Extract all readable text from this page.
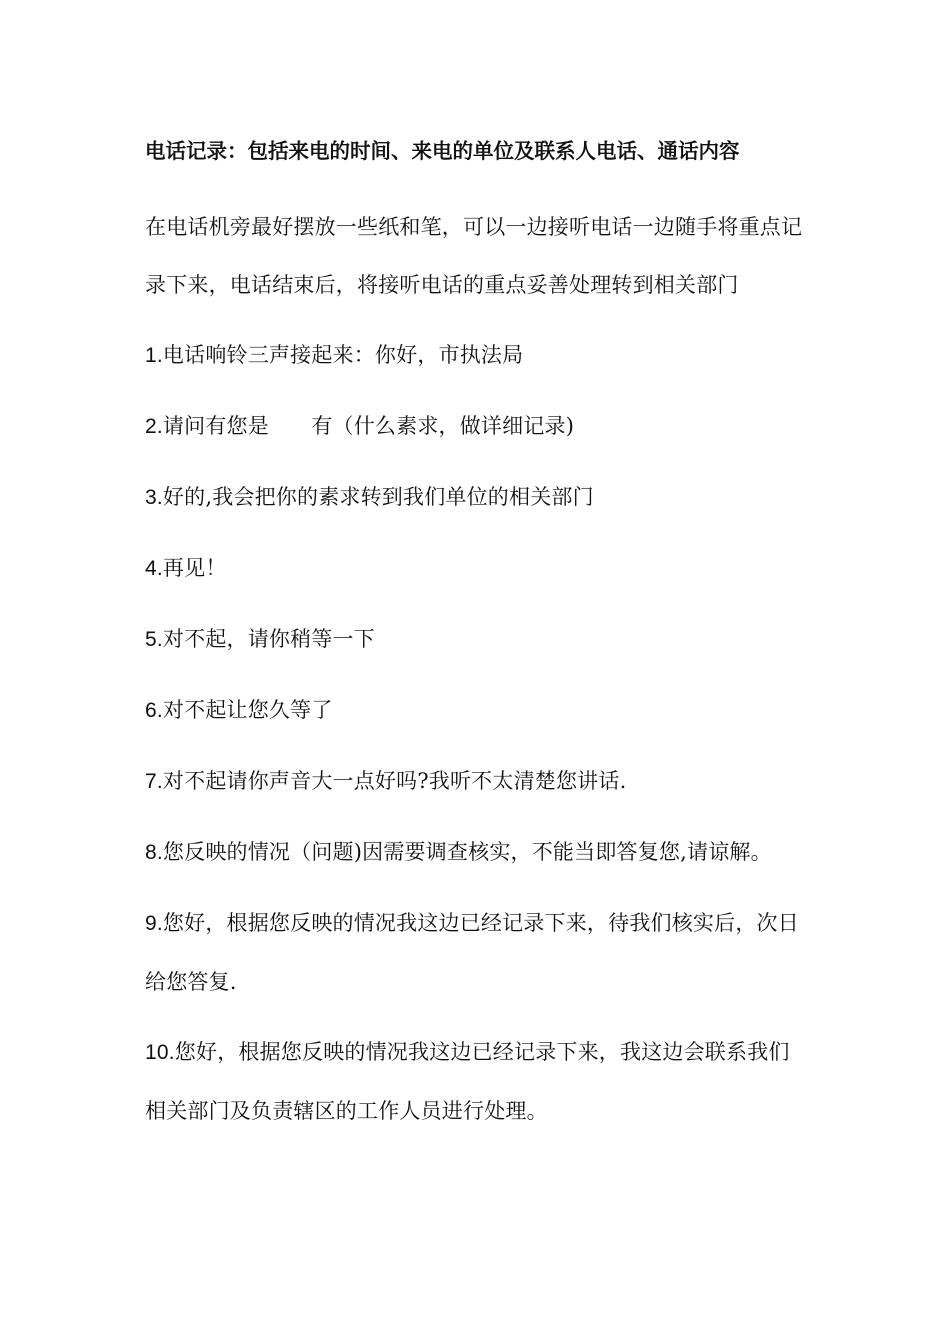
电话记录：包括来电的时间、来电的单位及联系人电话、通话内容

在电话机旁最好摆放一些纸和笔，可以一边接听电话一边随手将重点记录下来，电话结束后，将接听电话的重点妥善处理转到相关部门

1.电话响铃三声接起来：你好，市执法局

2.请问有您是　　有（什么素求，做详细记录)

3.好的,我会把你的素求转到我们单位的相关部门

4.再见！

5.对不起，请你稍等一下

6.对不起让您久等了

7.对不起请你声音大一点好吗?我听不太清楚您讲话.

8.您反映的情况（问题)因需要调查核实，不能当即答复您,请谅解。

9.您好，根据您反映的情况我这边已经记录下来，待我们核实后，次日给您答复.

10.您好，根据您反映的情况我这边已经记录下来，我这边会联系我们相关部门及负责辖区的工作人员进行处理。
